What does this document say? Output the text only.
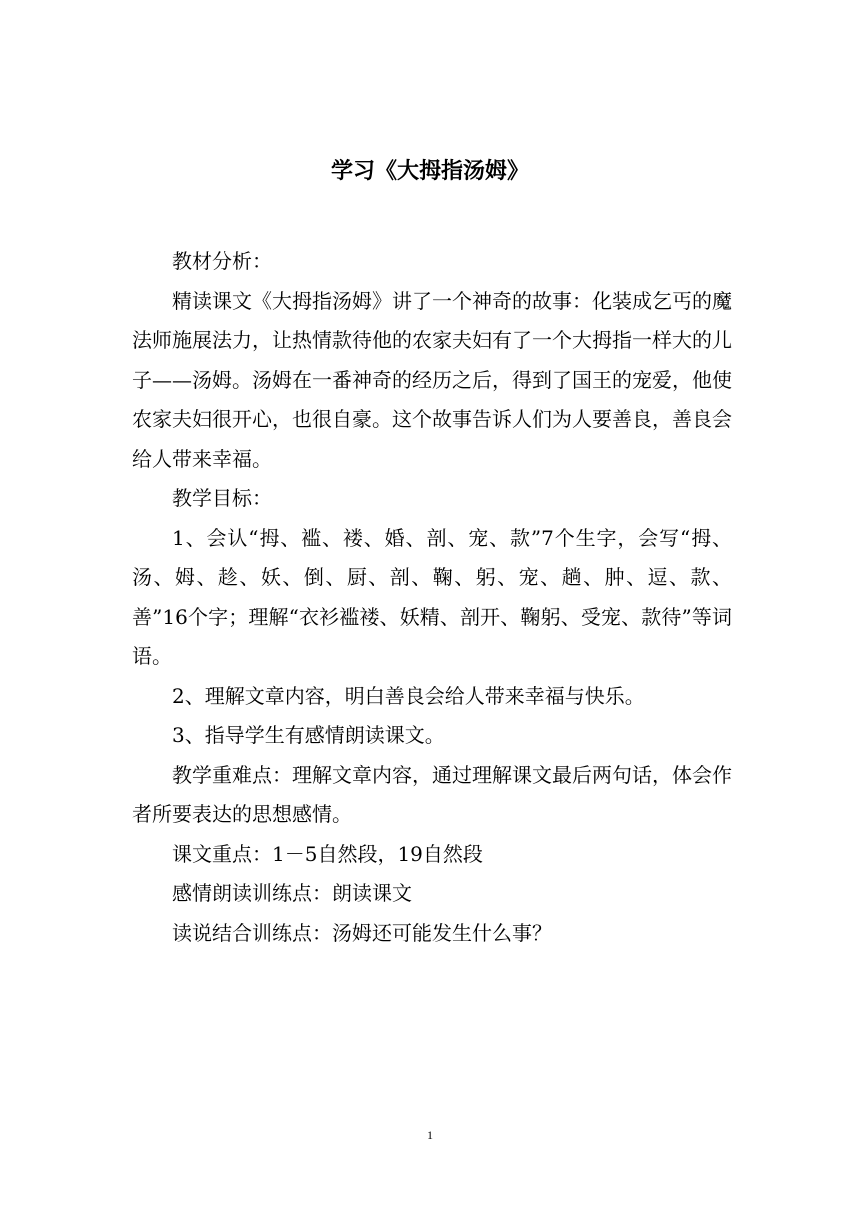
学习《大拇指汤姆》

教材分析：

精读课文《大拇指汤姆》讲了一个神奇的故事：化装成乞丐的魔法师施展法力，让热情款待他的农家夫妇有了一个大拇指一样大的儿子——汤姆。汤姆在一番神奇的经历之后，得到了国王的宠爱，他使农家夫妇很开心，也很自豪。这个故事告诉人们为人要善良，善良会给人带来幸福。

教学目标：

1、会认“拇、褴、褛、婚、剖、宠、款”7个生字，会写“拇、汤、姆、趁、妖、倒、厨、剖、鞠、躬、宠、趟、肿、逗、款、善”16个字；理解“衣衫褴褛、妖精、剖开、鞠躬、受宠、款待”等词语。

2、理解文章内容，明白善良会给人带来幸福与快乐。

3、指导学生有感情朗读课文。

教学重难点：理解文章内容，通过理解课文最后两句话，体会作者所要表达的思想感情。

课文重点：1－5自然段，19自然段

感情朗读训练点：朗读课文

读说结合训练点：汤姆还可能发生什么事？

1
